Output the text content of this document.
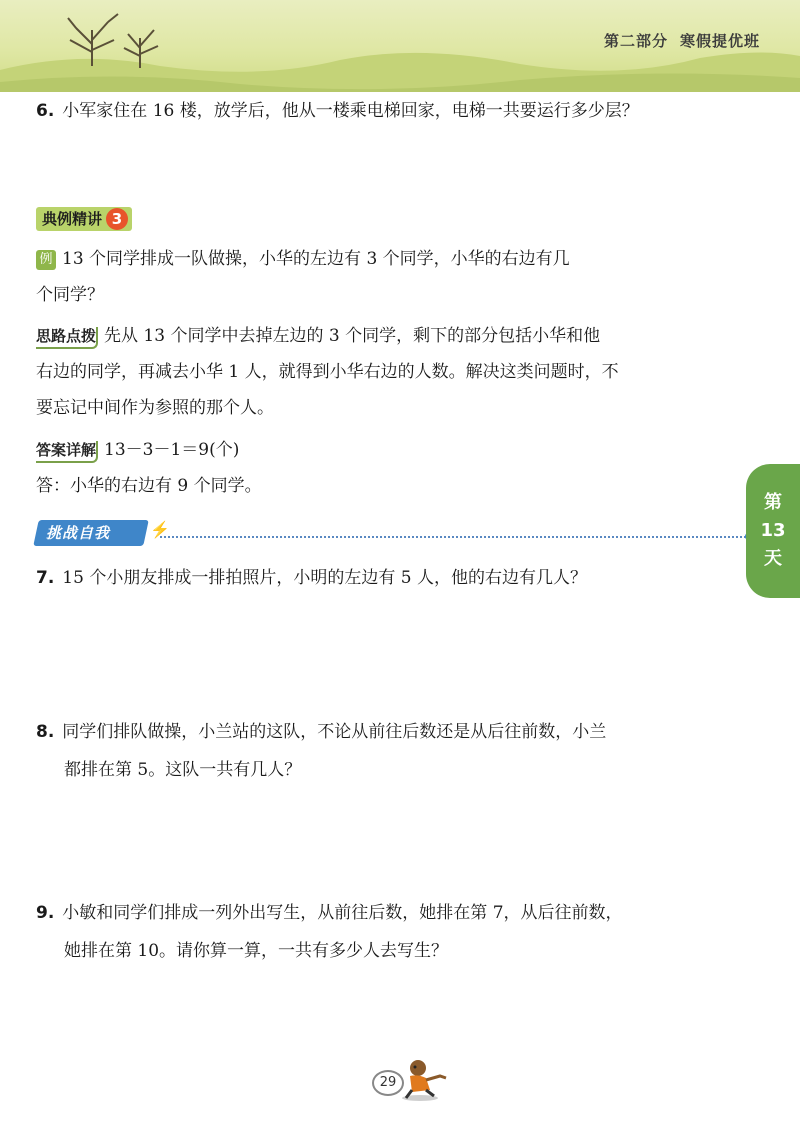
第二部分 寒假提优班
6. 小军家住在 16 楼，放学后，他从一楼乘电梯回家，电梯一共要运行多少层？
典例精讲 3
例 13 个同学排成一队做操，小华的左边有 3 个同学，小华的右边有几
个同学？
思路点拨 先从 13 个同学中去掉左边的 3 个同学，剩下的部分包括小华和他
右边的同学，再减去小华 1 人，就得到小华右边的人数。解决这类问题时，不
要忘记中间作为参照的那个人。
答案详解 13－3－1＝9(个)
答：小华的右边有 9 个同学。
挑战自我 ⚡
7. 15 个小朋友排成一排拍照片，小明的左边有 5 人，他的右边有几人？
8. 同学们排队做操，小兰站的这队，不论从前往后数还是从后往前数，小兰
都排在第 5。这队一共有几人？
9. 小敏和同学们排成一列外出写生，从前往后数，她排在第 7，从后往前数，
她排在第 10。请你算一算，一共有多少人去写生？
第
13
天
29
